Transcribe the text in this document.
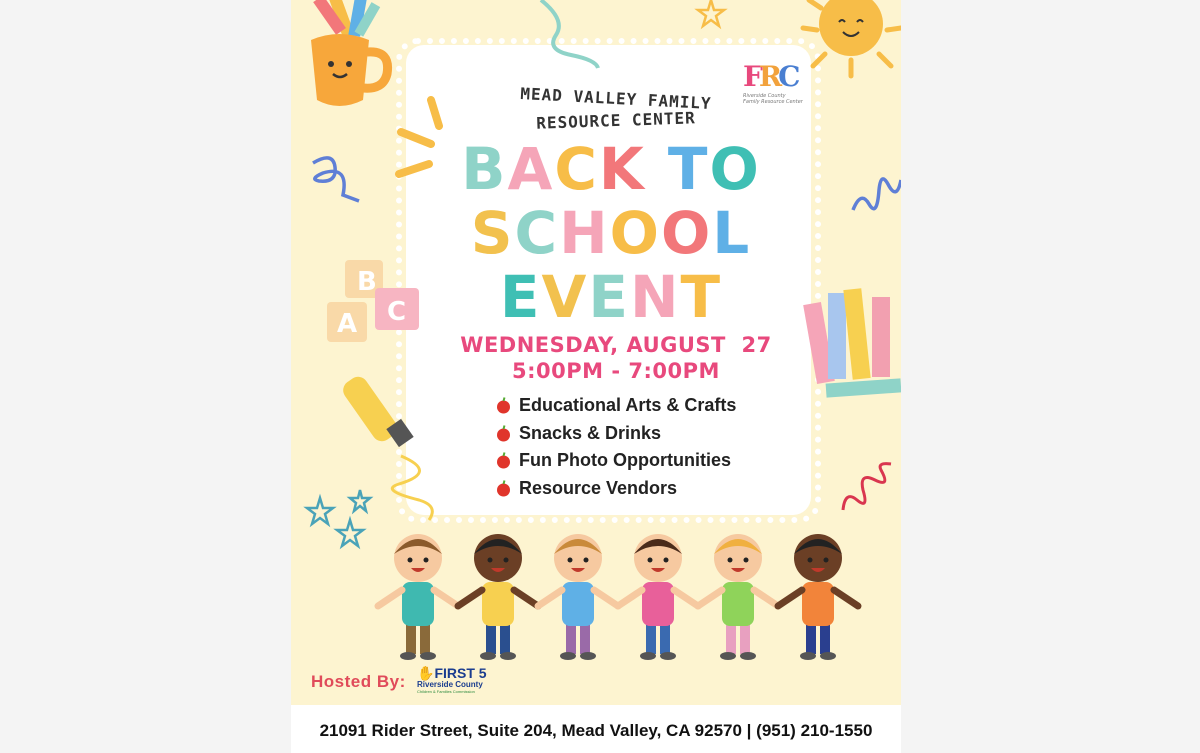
B
A C
MEAD VALLEY FAMILY
RESOURCE CENTER
FRC
Riverside County
Family Resource Center
BACK TO
SCHOOL
EVENT
WEDNESDAY, AUGUST  27
5:00PM - 7:00PM
Educational Arts & Crafts
Snacks & Drinks
Fun Photo Opportunities
Resource Vendors
Hosted By: ✋FIRST 5
Riverside County
Children & Families Commission
21091 Rider Street, Suite 204, Mead Valley, CA 92570 | (951) 210-1550
